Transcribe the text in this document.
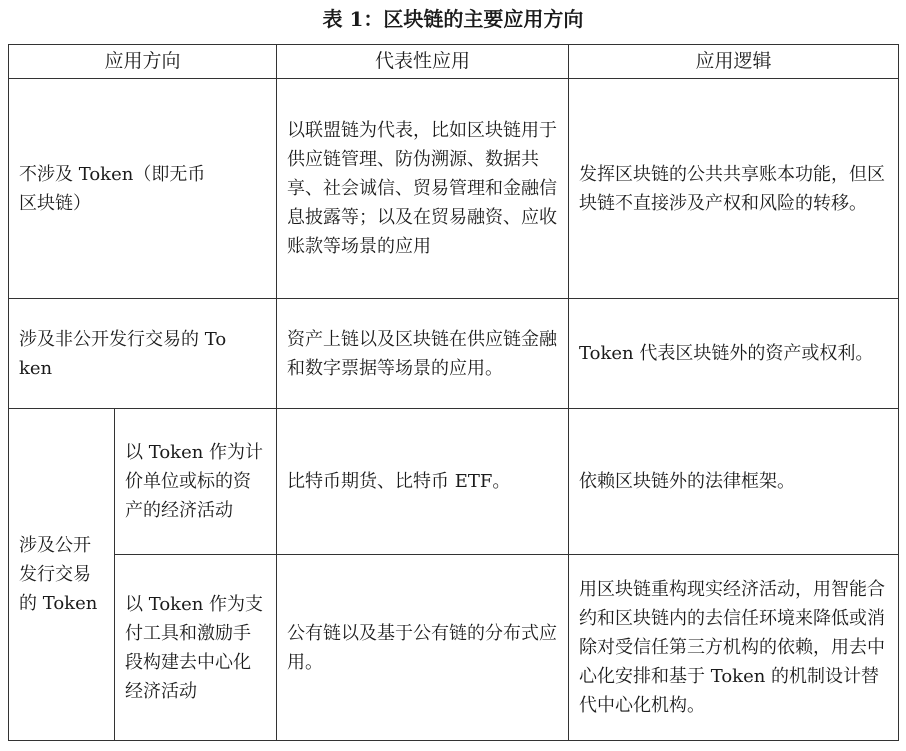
表 1：区块链的主要应用方向
应用方向		代表性应用	应用逻辑
不涉及 Token（即无币区块链）		以联盟链为代表，比如区块链用于供应链管理、防伪溯源、数据共享、社会诚信、贸易管理和金融信息披露等；以及在贸易融资、应收账款等场景的应用	发挥区块链的公共共享账本功能，但区块链不直接涉及产权和风险的转移。
涉及非公开发行交易的 Token		资产上链以及区块链在供应链金融和数字票据等场景的应用。	Token 代表区块链外的资产或权利。
涉及公开发行交易的 Token	以 Token 作为计价单位或标的资产的经济活动	比特币期货、比特币 ETF。	依赖区块链外的法律框架。
	以 Token 作为支付工具和激励手段构建去中心化经济活动	公有链以及基于公有链的分布式应用。	用区块链重构现实经济活动，用智能合约和区块链内的去信任环境来降低或消除对受信任第三方机构的依赖，用去中心化安排和基于 Token 的机制设计替代中心化机构。
